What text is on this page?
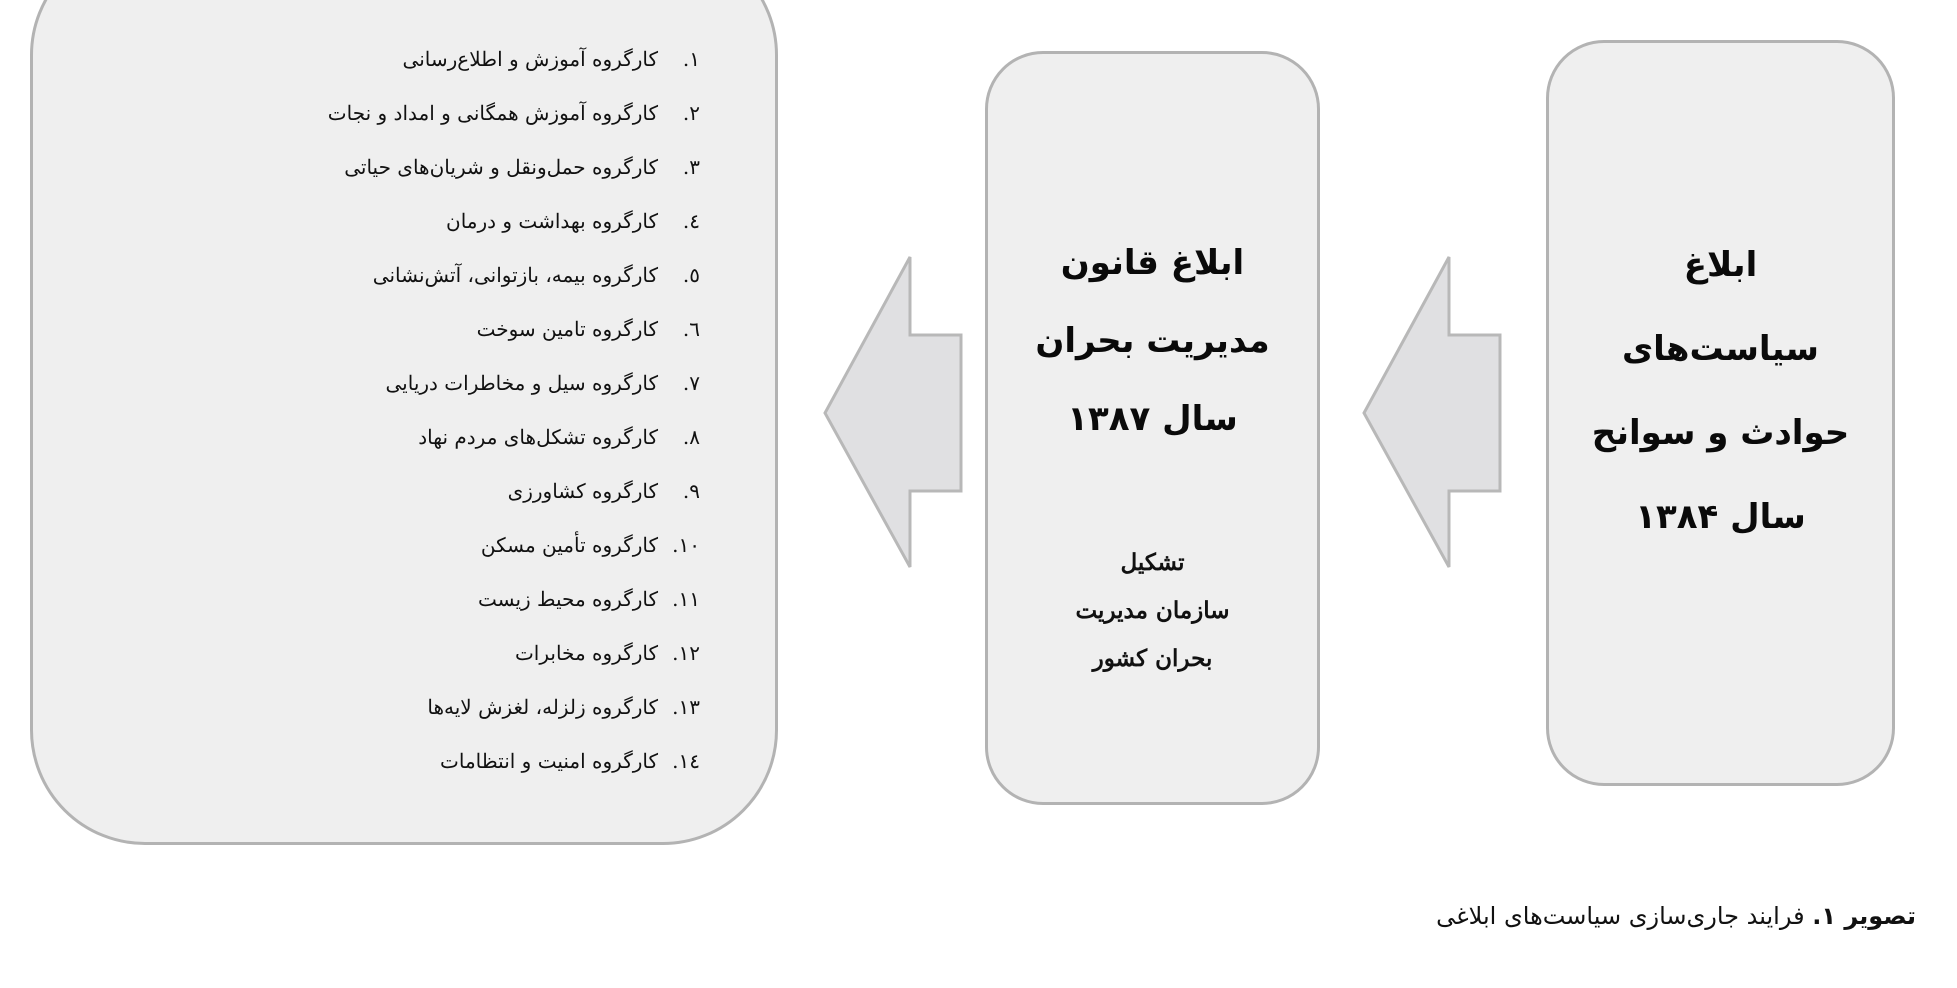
ابلاغ
سیاست‌های
حوادث و سوانح
سال ۱۳۸۴
ابلاغ قانون
مدیریت بحران
سال ۱۳۸۷
تشکیل
سازمان مدیریت
بحران کشور
۱.کارگروه آموزش و اطلاع‌رسانی
۲.کارگروه آموزش همگانی و امداد و نجات
۳.کارگروه حمل‌ونقل و شریان‌های حیاتی
٤.کارگروه بهداشت و درمان
٥.کارگروه بیمه، بازتوانی، آتش‌نشانی
٦.کارگروه تامین سوخت
۷.کارگروه سیل و مخاطرات دریایی
۸.کارگروه تشکل‌های مردم نهاد
۹.کارگروه کشاورزی
۱۰.کارگروه تأمین مسکن
۱۱.کارگروه محیط زیست
۱۲.کارگروه مخابرات
۱۳.کارگروه زلزله، لغزش لایه‌ها
۱٤.کارگروه امنیت و انتظامات
تصویر ۱. فرایند جاری‌سازی سیاست‌های ابلاغی
